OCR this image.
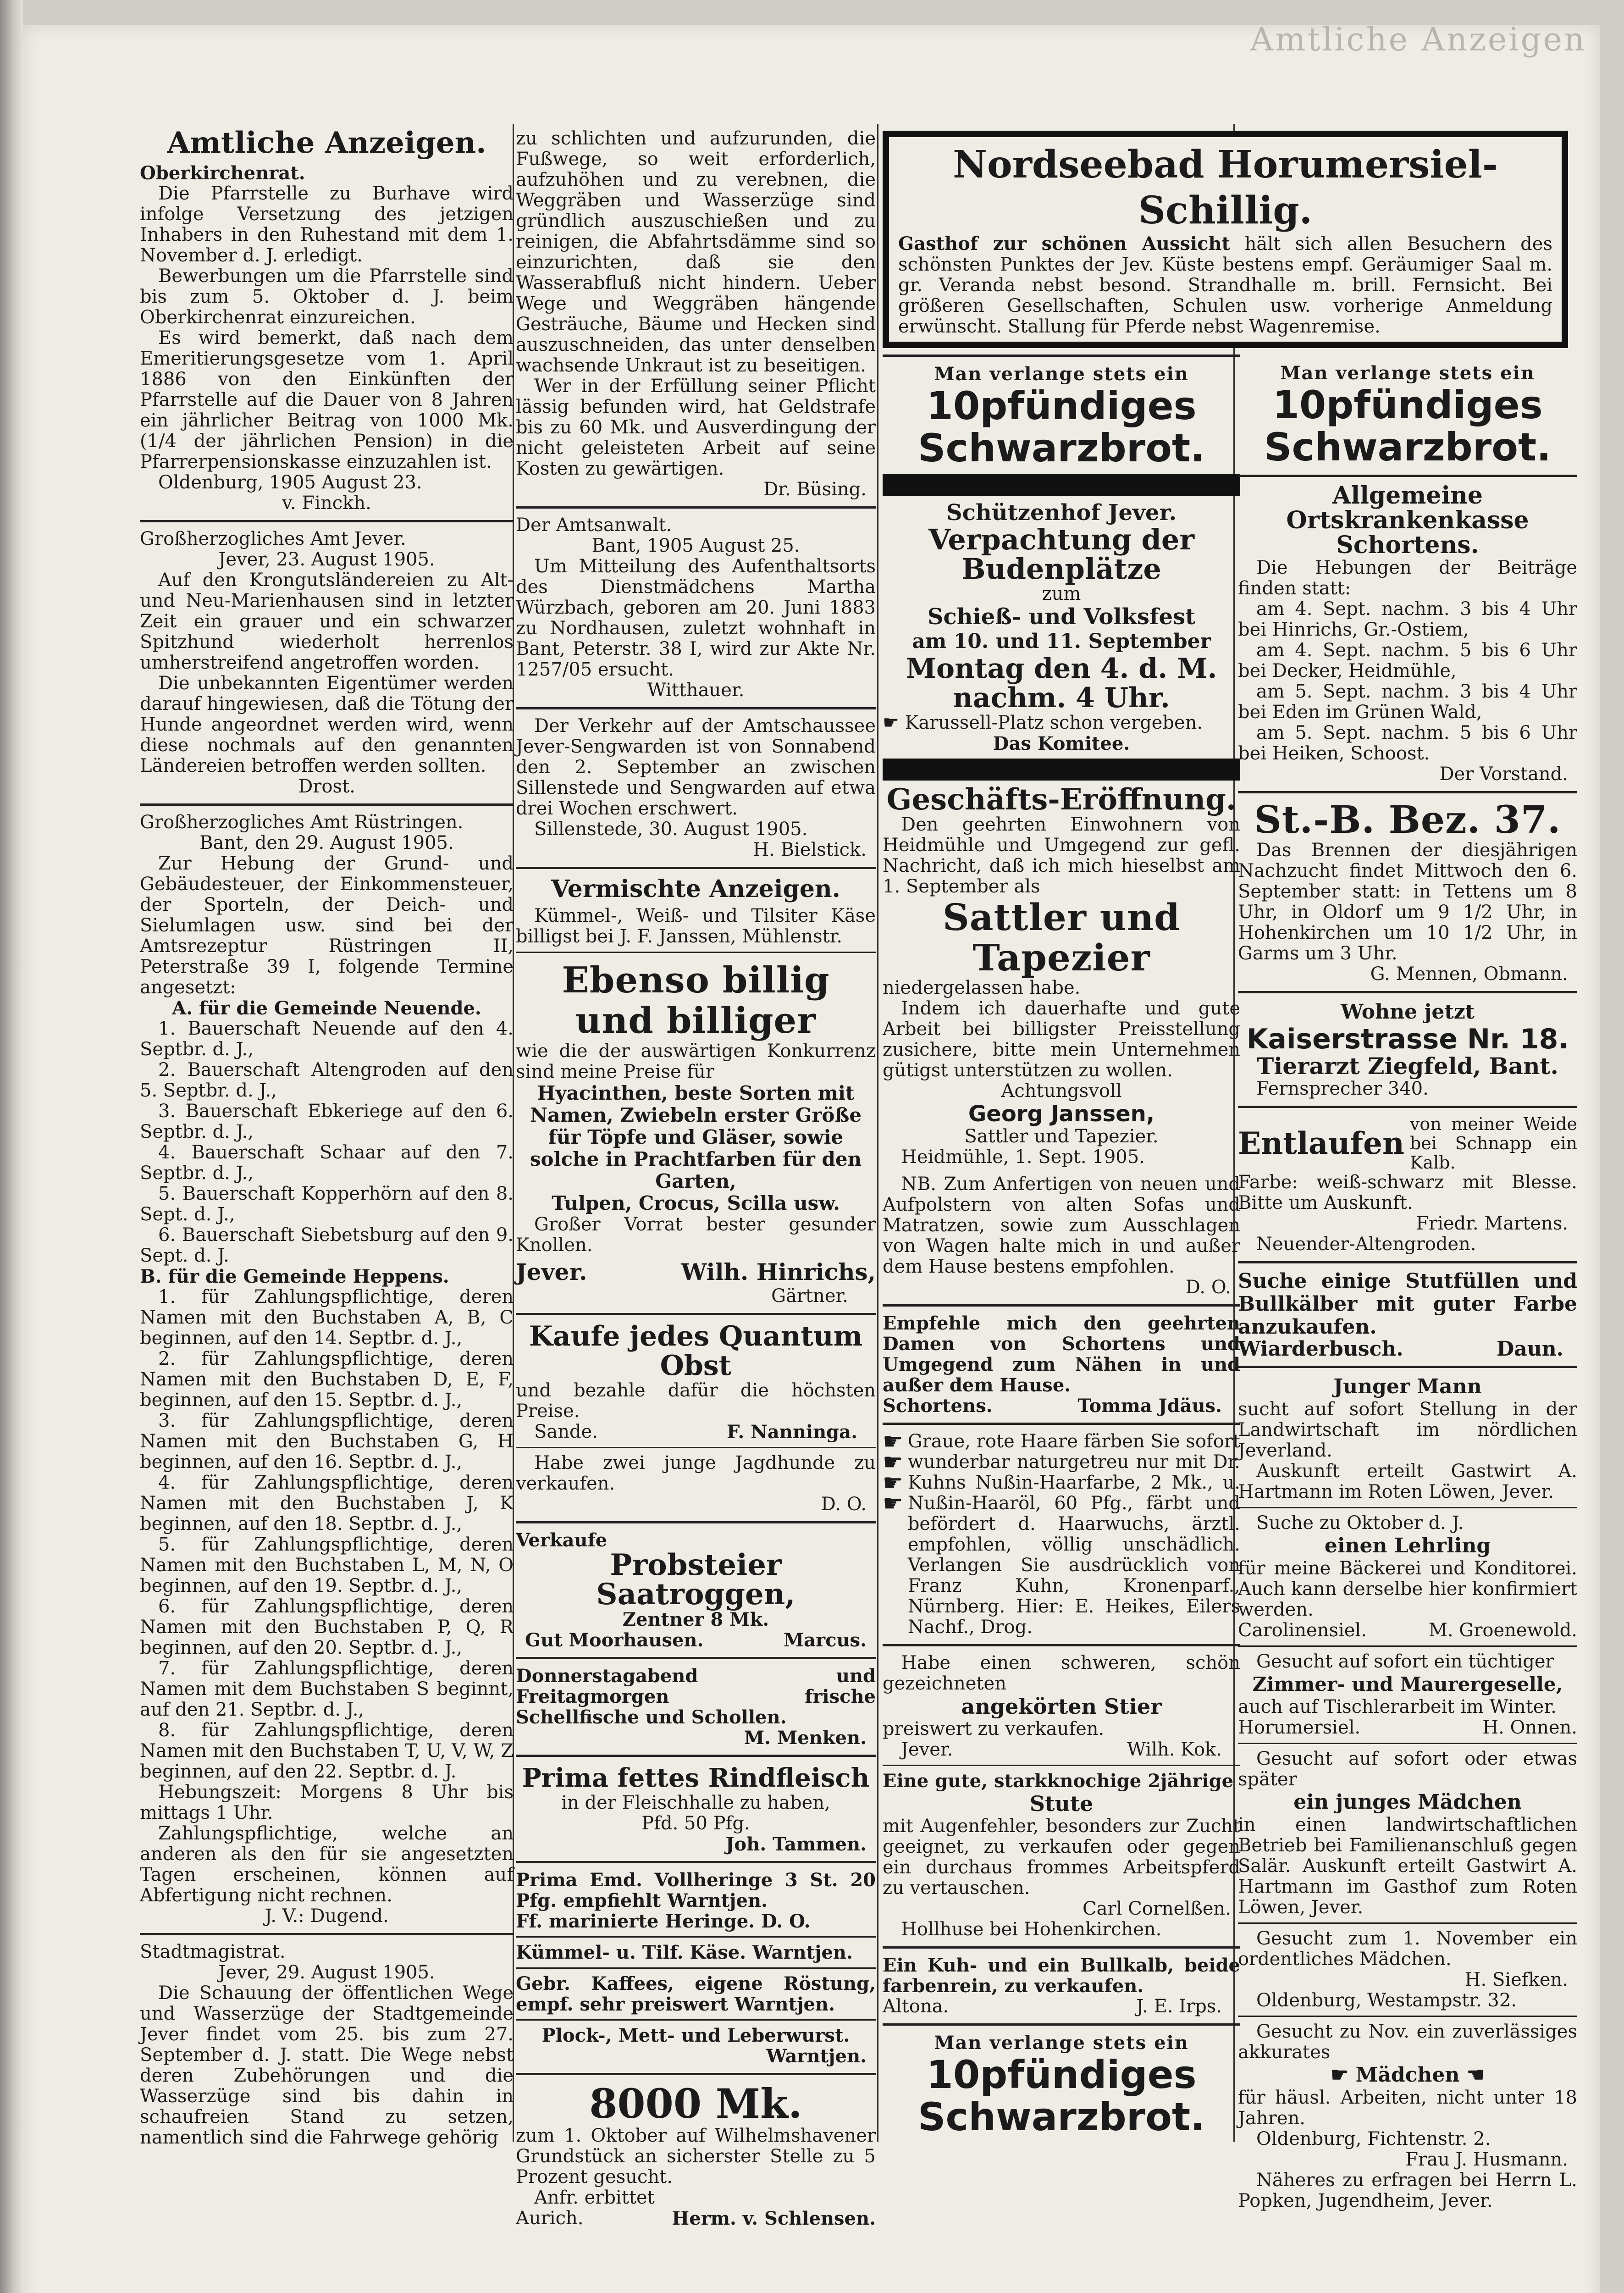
Amtliche Anzeigen
Amtliche Anzeigen.

Oberkirchenrat.

Die Pfarrstelle zu Burhave wird infolge Versetzung des jetzigen Inhabers in den Ruhestand mit dem 1. November d. J. erledigt.

Bewerbungen um die Pfarrstelle sind bis zum 5. Oktober d. J. beim Oberkirchenrat einzureichen.

Es wird bemerkt, daß nach dem Emeritierungsgesetze vom 1. April 1886 von den Einkünften der Pfarrstelle auf die Dauer von 8 Jahren ein jährlicher Beitrag von 1000 Mk. (1/4 der jährlichen Pension) in die Pfarrerpensionskasse einzuzahlen ist.

Oldenburg, 1905 August 23.

v. Finckh.

Großherzogliches Amt Jever.

Jever, 23. August 1905.

Auf den Krongutsländereien zu Alt- und Neu-Marienhausen sind in letzter Zeit ein grauer und ein schwarzer Spitzhund wiederholt herrenlos umherstreifend angetroffen worden.

Die unbekannten Eigentümer werden darauf hingewiesen, daß die Tötung der Hunde angeordnet werden wird, wenn diese nochmals auf den genannten Ländereien betroffen werden sollten.

Drost.

Großherzogliches Amt Rüstringen.

Bant, den 29. August 1905.

Zur Hebung der Grund- und Gebäudesteuer, der Einkommensteuer, der Sporteln, der Deich- und Sielumlagen usw. sind bei der Amtsrezeptur Rüstringen II, Peterstraße 39 I, folgende Termine angesetzt:

A. für die Gemeinde Neuende.

1. Bauerschaft Neuende auf den 4. Septbr. d. J.,

2. Bauerschaft Altengroden auf den 5. Septbr. d. J.,

3. Bauerschaft Ebkeriege auf den 6. Septbr. d. J.,

4. Bauerschaft Schaar auf den 7. Septbr. d. J.,

5. Bauerschaft Kopperhörn auf den 8. Sept. d. J.,

6. Bauerschaft Siebetsburg auf den 9. Sept. d. J.

B. für die Gemeinde Heppens.

1. für Zahlungspflichtige, deren Namen mit den Buchstaben A, B, C beginnen, auf den 14. Septbr. d. J.,

2. für Zahlungspflichtige, deren Namen mit den Buchstaben D, E, F, beginnen, auf den 15. Septbr. d. J.,

3. für Zahlungspflichtige, deren Namen mit den Buchstaben G, H beginnen, auf den 16. Septbr. d. J.,

4. für Zahlungspflichtige, deren Namen mit den Buchstaben J, K beginnen, auf den 18. Septbr. d. J.,

5. für Zahlungspflichtige, deren Namen mit den Buchstaben L, M, N, O beginnen, auf den 19. Septbr. d. J.,

6. für Zahlungspflichtige, deren Namen mit den Buchstaben P, Q, R beginnen, auf den 20. Septbr. d. J.,

7. für Zahlungspflichtige, deren Namen mit dem Buchstaben S beginnt, auf den 21. Septbr. d. J.,

8. für Zahlungspflichtige, deren Namen mit den Buchstaben T, U, V, W, Z beginnen, auf den 22. Septbr. d. J.

Hebungszeit: Morgens 8 Uhr bis mittags 1 Uhr.

Zahlungspflichtige, welche an anderen als den für sie angesetzten Tagen erscheinen, können auf Abfertigung nicht rechnen.

J. V.: Dugend.

Stadtmagistrat.

Jever, 29. August 1905.

Die Schauung der öffentlichen Wege und Wasserzüge der Stadtgemeinde Jever findet vom 25. bis zum 27. September d. J. statt. Die Wege nebst deren Zubehörungen und die Wasserzüge sind bis dahin in schaufreien Stand zu setzen, namentlich sind die Fahrwege gehörig

zu schlichten und aufzurunden, die Fußwege, so weit erforderlich, aufzuhöhen und zu verebnen, die Weggräben und Wasserzüge sind gründlich auszuschießen und zu reinigen, die Abfahrtsdämme sind so einzurichten, daß sie den Wasserabfluß nicht hindern. Ueber Wege und Weggräben hängende Gesträuche, Bäume und Hecken sind auszuschneiden, das unter denselben wachsende Unkraut ist zu beseitigen.

Wer in der Erfüllung seiner Pflicht lässig befunden wird, hat Geldstrafe bis zu 60 Mk. und Ausverdingung der nicht geleisteten Arbeit auf seine Kosten zu gewärtigen.

Dr. Büsing.

Der Amtsanwalt.

Bant, 1905 August 25.

Um Mitteilung des Aufenthaltsorts des Dienstmädchens Martha Würzbach, geboren am 20. Juni 1883 zu Nordhausen, zuletzt wohnhaft in Bant, Peterstr. 38 I, wird zur Akte Nr. 1257/05 ersucht.

Witthauer.

Der Verkehr auf der Amtschaussee Jever-Sengwarden ist von Sonnabend den 2. September an zwischen Sillenstede und Sengwarden auf etwa drei Wochen erschwert.

Sillenstede, 30. August 1905.

H. Bielstick.

Vermischte Anzeigen.

Kümmel-, Weiß- und Tilsiter Käse billigst bei J. F. Janssen, Mühlenstr.

Ebenso billig
und billiger

wie die der auswärtigen Konkurrenz sind meine Preise für

Hyacinthen, beste Sorten mit Namen, Zwiebeln erster Größe für Töpfe und Gläser, sowie solche in Prachtfarben für den Garten,

Tulpen, Crocus, Scilla usw.

Großer Vorrat bester gesunder Knollen.

Jever.	Wilh. Hinrichs,

Gärtner.

Kaufe jedes Quantum Obst

und bezahle dafür die höchsten Preise.

Sande.	F. Nanninga.

Habe zwei junge Jagdhunde zu verkaufen.

D. O.

Verkaufe

Probsteier Saatroggen,

Zentner 8 Mk.

Gut Moorhausen.	Marcus.

Donnerstagabend und Freitagmorgen frische Schellfische und Schollen.

M. Menken.

Prima fettes Rindfleisch

in der Fleischhalle zu haben,

Pfd. 50 Pfg.

Joh. Tammen.

Prima Emd. Vollheringe 3 St. 20 Pfg. empfiehlt Warntjen.

Ff. marinierte Heringe. D. O.

Kümmel- u. Tilf. Käse. Warntjen.

Gebr. Kaffees, eigene Röstung, empf. sehr preiswert Warntjen.

Plock-, Mett- und Leberwurst.

Warntjen.

8000 Mk.

zum 1. Oktober auf Wilhelmshavener Grundstück an sicherster Stelle zu 5 Prozent gesucht.

Anfr. erbittet

Aurich.	Herm. v. Schlensen.
Nordseebad Horumersiel-Schillig.

Gasthof zur schönen Aussicht hält sich allen Besuchern des schönsten Punktes der Jev. Küste bestens empf. Geräumiger Saal m. gr. Veranda nebst besond. Strandhalle m. brill. Fernsicht. Bei größeren Gesellschaften, Schulen usw. vorherige Anmeldung erwünscht. Stallung für Pferde nebst Wagenremise.

Man verlange stets ein
10pfündiges
Schwarzbrot.
Schützenhof Jever.
Verpachtung der Budenplätze

zum

Schieß- und Volksfest
am 10. und 11. September
Montag den 4. d. M. nachm. 4 Uhr.

☛ Karussell-Platz schon vergeben.

Das Komitee.

Geschäfts-Eröffnung.

Den geehrten Einwohnern von Heidmühle und Umgegend zur gefl. Nachricht, daß ich mich hieselbst am 1. September als

Sattler und Tapezier

niedergelassen habe.

Indem ich dauerhafte und gute Arbeit bei billigster Preisstellung zusichere, bitte mein Unternehmen gütigst unterstützen zu wollen.

Achtungsvoll

Georg Janssen,

Sattler und Tapezier.

Heidmühle, 1. Sept. 1905.

NB. Zum Anfertigen von neuen und Aufpolstern von alten Sofas und Matratzen, sowie zum Ausschlagen von Wagen halte mich in und außer dem Hause bestens empfohlen.

D. O.

Empfehle mich den geehrten Damen von Schortens und Umgegend zum Nähen in und außer dem Hause.

Schortens.	Tomma Jdäus.
☛
☛
☛
☛

Graue, rote Haare färben Sie sofort wunderbar naturgetreu nur mit Dr. Kuhns Nußin-Haarfarbe, 2 Mk., u. Nußin-Haaröl, 60 Pfg., färbt und befördert d. Haarwuchs, ärztl. empfohlen, völlig unschädlich. Verlangen Sie ausdrücklich von Franz Kuhn, Kronenparf., Nürnberg. Hier: E. Heikes, Eilers Nachf., Drog.

Habe einen schweren, schön gezeichneten

angekörten Stier

preiswert zu verkaufen.

Jever.	Wilh. Kok.

Eine gute, starkknochige 2jährige

Stute

mit Augenfehler, besonders zur Zucht geeignet, zu verkaufen oder gegen ein durchaus frommes Arbeitspferd zu vertauschen.

Carl Cornelßen.

Hollhuse bei Hohenkirchen.

Ein Kuh- und ein Bullkalb, beide farbenrein, zu verkaufen.

Altona.	J. E. Irps.
Man verlange stets ein
10pfündiges
Schwarzbrot.
Man verlange stets ein
10pfündiges
Schwarzbrot.
Allgemeine Ortskrankenkasse Schortens.

Die Hebungen der Beiträge finden statt:

am 4. Sept. nachm. 3 bis 4 Uhr bei Hinrichs, Gr.-Ostiem,

am 4. Sept. nachm. 5 bis 6 Uhr bei Decker, Heidmühle,

am 5. Sept. nachm. 3 bis 4 Uhr bei Eden im Grünen Wald,

am 5. Sept. nachm. 5 bis 6 Uhr bei Heiken, Schoost.

Der Vorstand.

St.-B. Bez. 37.

Das Brennen der diesjährigen Nachzucht findet Mittwoch den 6. September statt: in Tettens um 8 Uhr, in Oldorf um 9 1/2 Uhr, in Hohenkirchen um 10 1/2 Uhr, in Garms um 3 Uhr.

G. Mennen, Obmann.

Wohne jetzt
Kaiserstrasse Nr. 18.
Tierarzt Ziegfeld, Bant.

Fernsprecher 340.

Entlaufen

von meiner Weide bei Schnapp ein Kalb.

Farbe: weiß-schwarz mit Blesse. Bitte um Auskunft.

Friedr. Martens.

Neuender-Altengroden.

Suche einige Stutfüllen und Bullkälber mit guter Farbe anzukaufen.

Wiarderbusch.	Daun.
Junger Mann

sucht auf sofort Stellung in der Landwirtschaft im nördlichen Jeverland.

Auskunft erteilt Gastwirt A. Hartmann im Roten Löwen, Jever.

Suche zu Oktober d. J.

einen Lehrling

für meine Bäckerei und Konditorei. Auch kann derselbe hier konfirmiert werden.

Carolinensiel.	M. Groenewold.

Gesucht auf sofort ein tüchtiger

Zimmer- und Maurergeselle,

auch auf Tischlerarbeit im Winter.

Horumersiel.	H. Onnen.

Gesucht auf sofort oder etwas später

ein junges Mädchen

in einen landwirtschaftlichen Betrieb bei Familienanschluß gegen Salär. Auskunft erteilt Gastwirt A. Hartmann im Gasthof zum Roten Löwen, Jever.

Gesucht zum 1. November ein ordentliches Mädchen.

H. Siefken.

Oldenburg, Westampstr. 32.

Gesucht zu Nov. ein zuverlässiges akkurates

☛ Mädchen ☚

für häusl. Arbeiten, nicht unter 18 Jahren.

Oldenburg, Fichtenstr. 2.

Frau J. Husmann.

Näheres zu erfragen bei Herrn L. Popken, Jugendheim, Jever.
